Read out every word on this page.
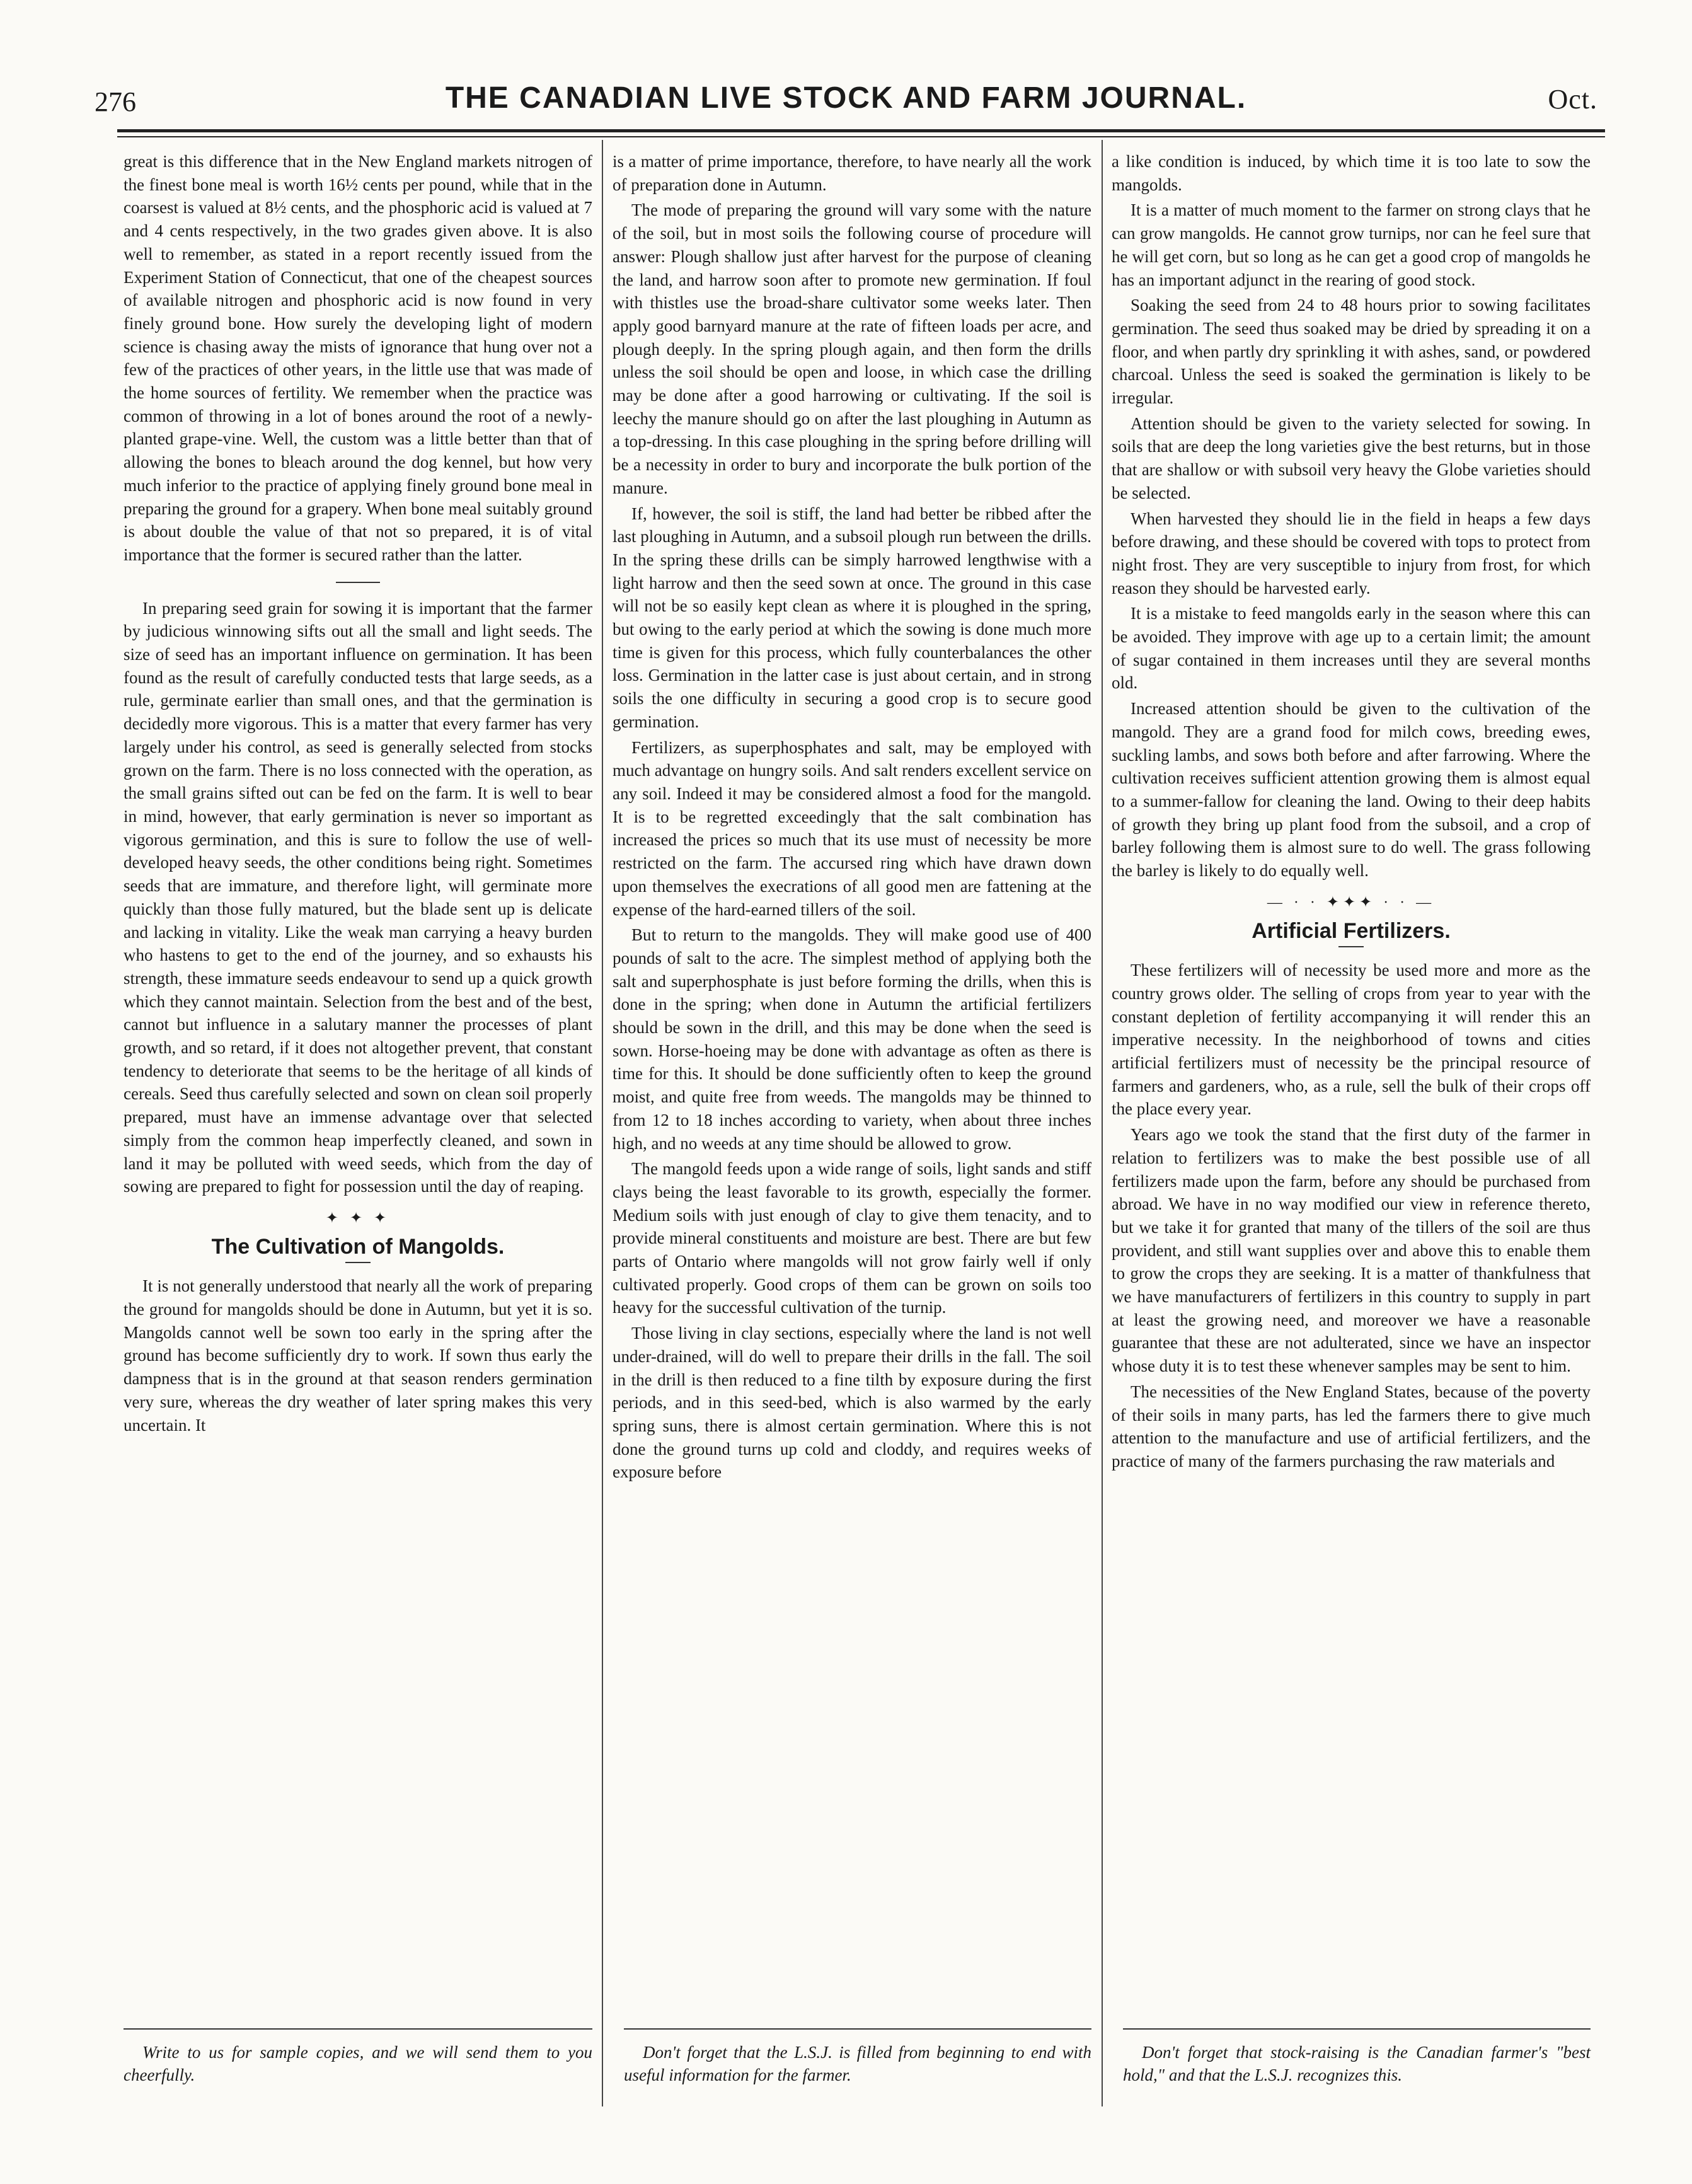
276	THE CANADIAN LIVE STOCK AND FARM JOURNAL.	Oct.

great is this difference that in the New England markets nitrogen of the finest bone meal is worth 16½ cents per pound, while that in the coarsest is valued at 8½ cents, and the phosphoric acid is valued at 7 and 4 cents respectively, in the two grades given above. It is also well to remember, as stated in a report recently issued from the Experiment Station of Connecticut, that one of the cheapest sources of available nitrogen and phosphoric acid is now found in very finely ground bone. How surely the developing light of modern science is chasing away the mists of ignorance that hung over not a few of the practices of other years, in the little use that was made of the home sources of fertility. We remember when the practice was common of throwing in a lot of bones around the root of a newly-planted grape-vine. Well, the custom was a little better than that of allowing the bones to bleach around the dog kennel, but how very much inferior to the practice of applying finely ground bone meal in preparing the ground for a grapery. When bone meal suitably ground is about double the value of that not so prepared, it is of vital importance that the former is secured rather than the latter.

In preparing seed grain for sowing it is important that the farmer by judicious winnowing sifts out all the small and light seeds. The size of seed has an important influence on germination. It has been found as the result of carefully conducted tests that large seeds, as a rule, germinate earlier than small ones, and that the germination is decidedly more vigorous. This is a matter that every farmer has very largely under his control, as seed is generally selected from stocks grown on the farm. There is no loss connected with the operation, as the small grains sifted out can be fed on the farm. It is well to bear in mind, however, that early germination is never so important as vigorous germination, and this is sure to follow the use of well-developed heavy seeds, the other conditions being right. Sometimes seeds that are immature, and therefore light, will germinate more quickly than those fully matured, but the blade sent up is delicate and lacking in vitality. Like the weak man carrying a heavy burden who hastens to get to the end of the journey, and so exhausts his strength, these immature seeds endeavour to send up a quick growth which they cannot maintain. Selection from the best and of the best, cannot but influence in a salutary manner the processes of plant growth, and so retard, if it does not altogether prevent, that constant tendency to deteriorate that seems to be the heritage of all kinds of cereals. Seed thus carefully selected and sown on clean soil properly prepared, must have an immense advantage over that selected simply from the common heap imperfectly cleaned, and sown in land it may be polluted with weed seeds, which from the day of sowing are prepared to fight for possession until the day of reaping.

✦ ✦ ✦
The Cultivation of Mangolds.

It is not generally understood that nearly all the work of preparing the ground for mangolds should be done in Autumn, but yet it is so. Mangolds cannot well be sown too early in the spring after the ground has become sufficiently dry to work. If sown thus early the dampness that is in the ground at that season renders germination very sure, whereas the dry weather of later spring makes this very uncertain. It

is a matter of prime importance, therefore, to have nearly all the work of preparation done in Autumn.

The mode of preparing the ground will vary some with the nature of the soil, but in most soils the following course of procedure will answer: Plough shallow just after harvest for the purpose of cleaning the land, and harrow soon after to promote new germination. If foul with thistles use the broad-share cultivator some weeks later. Then apply good barnyard manure at the rate of fifteen loads per acre, and plough deeply. In the spring plough again, and then form the drills unless the soil should be open and loose, in which case the drilling may be done after a good harrowing or cultivating. If the soil is leechy the manure should go on after the last ploughing in Autumn as a top-dressing. In this case ploughing in the spring before drilling will be a necessity in order to bury and incorporate the bulk portion of the manure.

If, however, the soil is stiff, the land had better be ribbed after the last ploughing in Autumn, and a subsoil plough run between the drills. In the spring these drills can be simply harrowed lengthwise with a light harrow and then the seed sown at once. The ground in this case will not be so easily kept clean as where it is ploughed in the spring, but owing to the early period at which the sowing is done much more time is given for this process, which fully counterbalances the other loss. Germination in the latter case is just about certain, and in strong soils the one difficulty in securing a good crop is to secure good germination.

Fertilizers, as superphosphates and salt, may be employed with much advantage on hungry soils. And salt renders excellent service on any soil. Indeed it may be considered almost a food for the mangold. It is to be regretted exceedingly that the salt combination has increased the prices so much that its use must of necessity be more restricted on the farm. The accursed ring which have drawn down upon themselves the execrations of all good men are fattening at the expense of the hard-earned tillers of the soil.

But to return to the mangolds. They will make good use of 400 pounds of salt to the acre. The simplest method of applying both the salt and superphosphate is just before forming the drills, when this is done in the spring; when done in Autumn the artificial fertilizers should be sown in the drill, and this may be done when the seed is sown. Horse-hoeing may be done with advantage as often as there is time for this. It should be done sufficiently often to keep the ground moist, and quite free from weeds. The mangolds may be thinned to from 12 to 18 inches according to variety, when about three inches high, and no weeds at any time should be allowed to grow.

The mangold feeds upon a wide range of soils, light sands and stiff clays being the least favorable to its growth, especially the former. Medium soils with just enough of clay to give them tenacity, and to provide mineral constituents and moisture are best. There are but few parts of Ontario where mangolds will not grow fairly well if only cultivated properly. Good crops of them can be grown on soils too heavy for the successful cultivation of the turnip.

Those living in clay sections, especially where the land is not well under-drained, will do well to prepare their drills in the fall. The soil in the drill is then reduced to a fine tilth by exposure during the first periods, and in this seed-bed, which is also warmed by the early spring suns, there is almost certain germination. Where this is not done the ground turns up cold and cloddy, and requires weeks of exposure before

a like condition is induced, by which time it is too late to sow the mangolds.

It is a matter of much moment to the farmer on strong clays that he can grow mangolds. He cannot grow turnips, nor can he feel sure that he will get corn, but so long as he can get a good crop of mangolds he has an important adjunct in the rearing of good stock.

Soaking the seed from 24 to 48 hours prior to sowing facilitates germination. The seed thus soaked may be dried by spreading it on a floor, and when partly dry sprinkling it with ashes, sand, or powdered charcoal. Unless the seed is soaked the germination is likely to be irregular.

Attention should be given to the variety selected for sowing. In soils that are deep the long varieties give the best returns, but in those that are shallow or with subsoil very heavy the Globe varieties should be selected.

When harvested they should lie in the field in heaps a few days before drawing, and these should be covered with tops to protect from night frost. They are very susceptible to injury from frost, for which reason they should be harvested early.

It is a mistake to feed mangolds early in the season where this can be avoided. They improve with age up to a certain limit; the amount of sugar contained in them increases until they are several months old.

Increased attention should be given to the cultivation of the mangold. They are a grand food for milch cows, breeding ewes, suckling lambs, and sows both before and after farrowing. Where the cultivation receives sufficient attention growing them is almost equal to a summer-fallow for cleaning the land. Owing to their deep habits of growth they bring up plant food from the subsoil, and a crop of barley following them is almost sure to do well. The grass following the barley is likely to do equally well.

— · · ✦✦✦ · · —
Artificial Fertilizers.

These fertilizers will of necessity be used more and more as the country grows older. The selling of crops from year to year with the constant depletion of fertility accompanying it will render this an imperative necessity. In the neighborhood of towns and cities artificial fertilizers must of necessity be the principal resource of farmers and gardeners, who, as a rule, sell the bulk of their crops off the place every year.

Years ago we took the stand that the first duty of the farmer in relation to fertilizers was to make the best possible use of all fertilizers made upon the farm, before any should be purchased from abroad. We have in no way modified our view in reference thereto, but we take it for granted that many of the tillers of the soil are thus provident, and still want supplies over and above this to enable them to grow the crops they are seeking. It is a matter of thankfulness that we have manufacturers of fertilizers in this country to supply in part at least the growing need, and moreover we have a reasonable guarantee that these are not adulterated, since we have an inspector whose duty it is to test these whenever samples may be sent to him.

The necessities of the New England States, because of the poverty of their soils in many parts, has led the farmers there to give much attention to the manufacture and use of artificial fertilizers, and the practice of many of the farmers purchasing the raw materials and

Write to us for sample copies, and we will send them to you cheerfully.
Don't forget that the L.S.J. is filled from beginning to end with useful information for the farmer.
Don't forget that stock-raising is the Canadian farmer's "best hold," and that the L.S.J. recognizes this.
